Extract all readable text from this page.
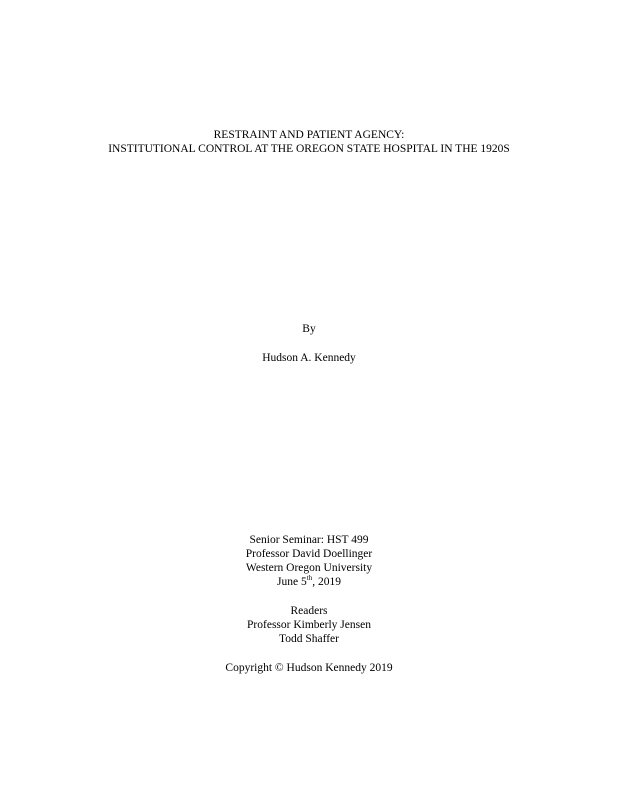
RESTRAINT AND PATIENT AGENCY:
INSTITUTIONAL CONTROL AT THE OREGON STATE HOSPITAL IN THE 1920S
By
Hudson A. Kennedy
Senior Seminar: HST 499
Professor David Doellinger
Western Oregon University
June 5th, 2019
Readers
Professor Kimberly Jensen
Todd Shaffer
Copyright © Hudson Kennedy 2019
